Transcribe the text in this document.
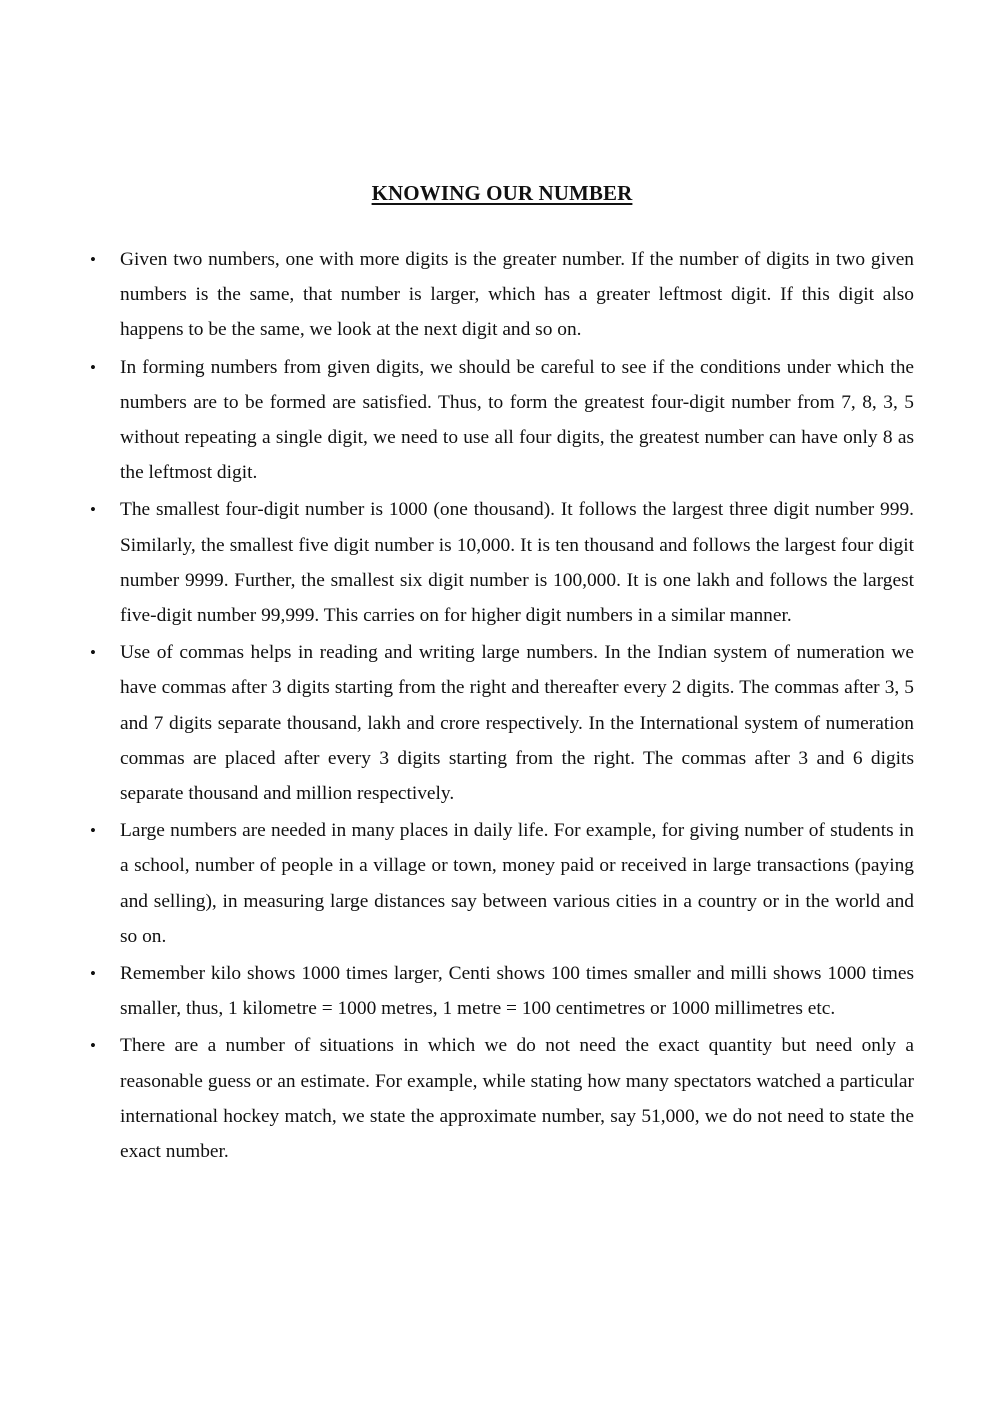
KNOWING OUR NUMBER
• Given two numbers, one with more digits is the greater number. If the number of digits in two given numbers is the same, that number is larger, which has a greater leftmost digit. If this digit also happens to be the same, we look at the next digit and so on.
• In forming numbers from given digits, we should be careful to see if the conditions under which the numbers are to be formed are satisfied. Thus, to form the greatest four-digit number from 7, 8, 3, 5 without repeating a single digit, we need to use all four digits, the greatest number can have only 8 as the leftmost digit.
• The smallest four-digit number is 1000 (one thousand). It follows the largest three digit number 999. Similarly, the smallest five digit number is 10,000. It is ten thousand and follows the largest four digit number 9999. Further, the smallest six digit number is 100,000. It is one lakh and follows the largest five-digit number 99,999. This carries on for higher digit numbers in a similar manner.
• Use of commas helps in reading and writing large numbers. In the Indian system of numeration we have commas after 3 digits starting from the right and thereafter every 2 digits. The commas after 3, 5 and 7 digits separate thousand, lakh and crore respectively. In the International system of numeration commas are placed after every 3 digits starting from the right. The commas after 3 and 6 digits separate thousand and million respectively.
• Large numbers are needed in many places in daily life. For example, for giving number of students in a school, number of people in a village or town, money paid or received in large transactions (paying and selling), in measuring large distances say between various cities in a country or in the world and so on.
• Remember kilo shows 1000 times larger, Centi shows 100 times smaller and milli shows 1000 times smaller, thus, 1 kilometre = 1000 metres, 1 metre = 100 centimetres or 1000 millimetres etc.
• There are a number of situations in which we do not need the exact quantity but need only a reasonable guess or an estimate. For example, while stating how many spectators watched a particular international hockey match, we state the approximate number, say 51,000, we do not need to state the exact number.
